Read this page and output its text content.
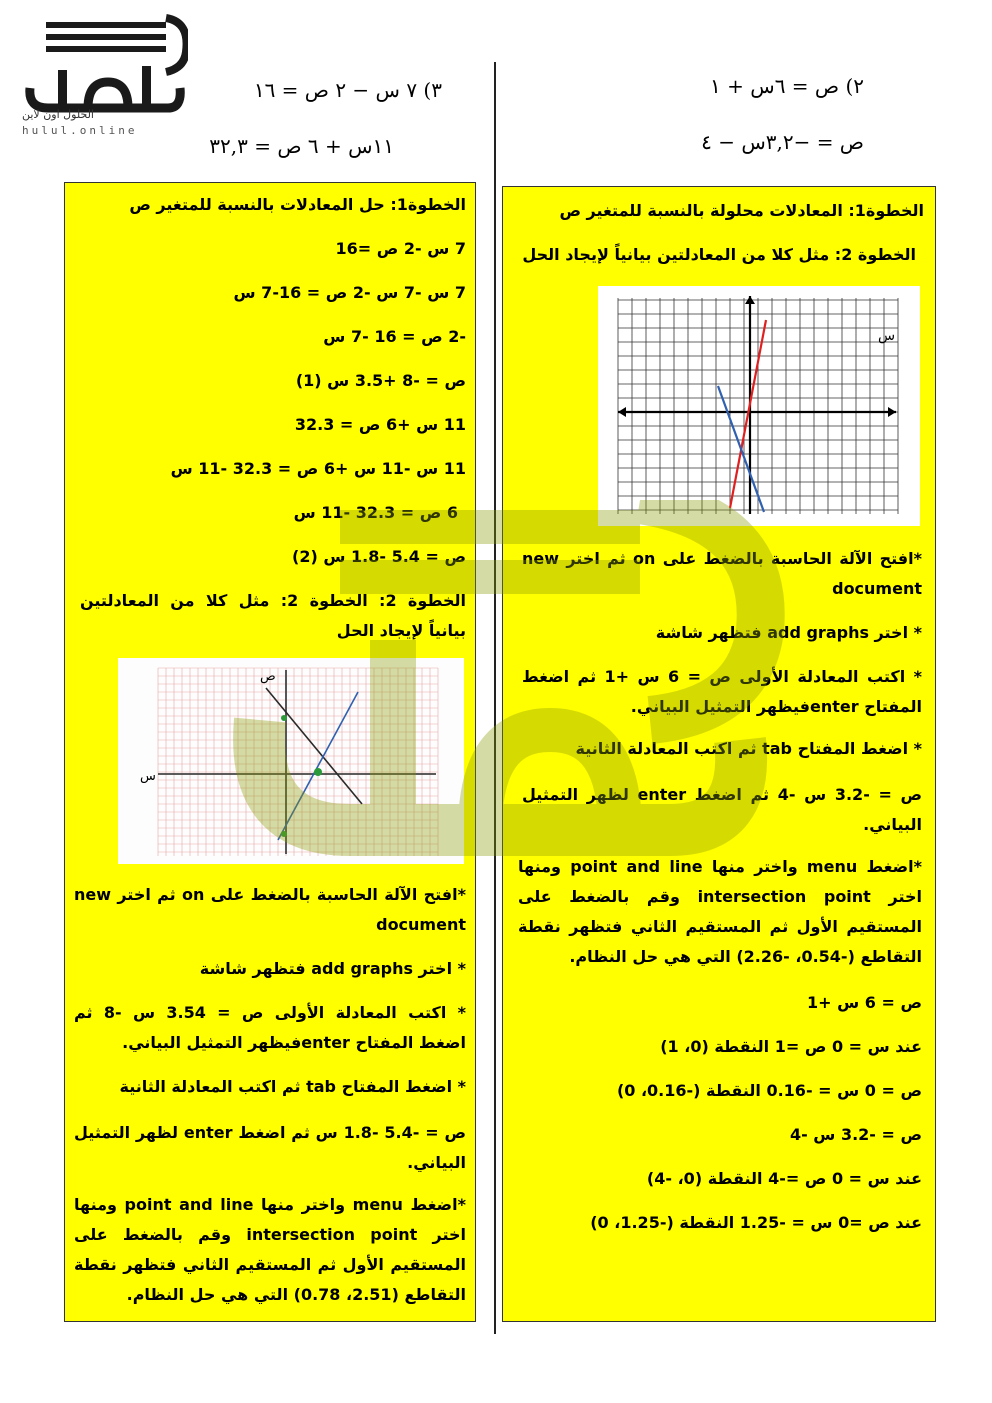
الحلول اون لاين
hulul.online
٢) ص = ٦س + ١
ص = −٣,٢س − ٤
٣) ٧ س − ٢ ص = ١٦
١١س + ٦ ص = ٣٢,٣
الخطوة1: المعادلات محلولة بالنسبة للمتغير ص
الخطوة 2: مثل كلا من المعادلتين بيانياً لإيجاد الحل
س
*افتح الآلة الحاسبة بالضغط على on ثم اختر new document
* اختر add graphs فتظهر شاشة
* اكتب المعادلة الأولى ص = 6 س +1 ثم اضغط المفتاح enterفيظهر التمثيل البياني.
* اضغط المفتاح tab ثم اكتب المعادلة الثانية
ص = -3.2 س -4 ثم اضغط enter لظهر التمثيل البياني.
*اضغط menu واختر منها point and line ومنها اختر intersection point وقم بالضغط على المستقيم الأول ثم المستقيم الثاني فتظهر نقطة التقاطع (-0.54، -2.26) التي هي حل النظام.
ص = 6 س +1
عند س = 0 ص =1 النقطة (0، 1)
ص = 0 س = -0.16 النقطة (-0.16، 0)
ص = -3.2 س -4
عند س = 0 ص =-4 النقطة (0، -4)
عند ص =0 س = -1.25 النقطة (-1.25، 0)
الخطوة1: حل المعادلات بالنسبة للمتغير ص
7 س -2 ص =16
7 س -7 س -2 ص = 16-7 س
-2 ص = 16 -7 س
ص = -8 +3.5 س (1)
11 س +6 ص = 32.3
11 س -11 س +6 ص = 32.3 -11 س
6 ص = 32.3 -11 س
ص = 5.4 -1.8 س (2)
الخطوة 2: الخطوة 2: مثل كلا من المعادلتين بيانياً لإيجاد الحل
س
ص
*افتح الآلة الحاسبة بالضغط على on ثم اختر new document
* اختر add graphs فتظهر شاشة
* اكتب المعادلة الأولى ص = 3.54 س -8 ثم اضغط المفتاح enterفيظهر التمثيل البياني.
* اضغط المفتاح tab ثم اكتب المعادلة الثانية
ص = -5.4 -1.8 س ثم اضغط enter لظهر التمثيل البياني.
*اضغط menu واختر منها point and line ومنها اختر intersection point وقم بالضغط على المستقيم الأول ثم المستقيم الثاني فتظهر نقطة التقاطع (2.51، 0.78) التي هي حل النظام.
